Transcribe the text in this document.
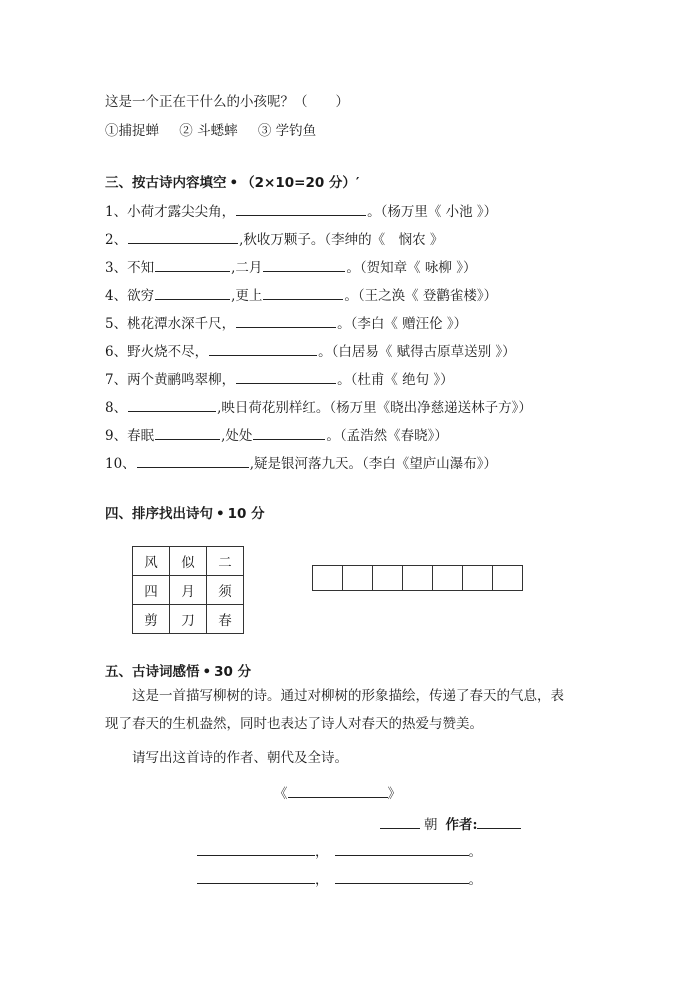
这是一个正在干什么的小孩呢？（ ）
①捕捉蝉 ② 斗蟋蟀 ③ 学钓鱼
三、按古诗内容填空 • （2×10=20 分）′
1、小荷才露尖尖角，	。（杨万里《 小池 》）
2、	,秋收万颗子。（李绅的《　悯农 》
3、不知	,二月	。（贺知章《 咏柳 》）
4、欲穷	,更上	。（王之涣《 登鹳雀楼》）
5、桃花潭水深千尺，	。（李白《 赠汪伦 》）
6、野火烧不尽，	。（白居易《 赋得古原草送别 》）
7、两个黄鹂鸣翠柳，	。（杜甫《 绝句 》）
8、	,映日荷花别样红。（杨万里《晓出净慈递送林子方》）
9、春眠	,处处	。（孟浩然《春晓》）
10、	,疑是银河落九天。（李白《望庐山瀑布》）
四、排序找出诗句 • 10 分
风	似	二
四	月	须
剪	刀	春
五、古诗词感悟 • 30 分
这是一首描写柳树的诗。通过对柳树的形象描绘，传递了春天的气息，表现了春天的生机盎然，同时也表达了诗人对春天的热爱与赞美。
请写出这首诗的作者、朝代及全诗。
《	》
朝 作者:
，	。
，	。
